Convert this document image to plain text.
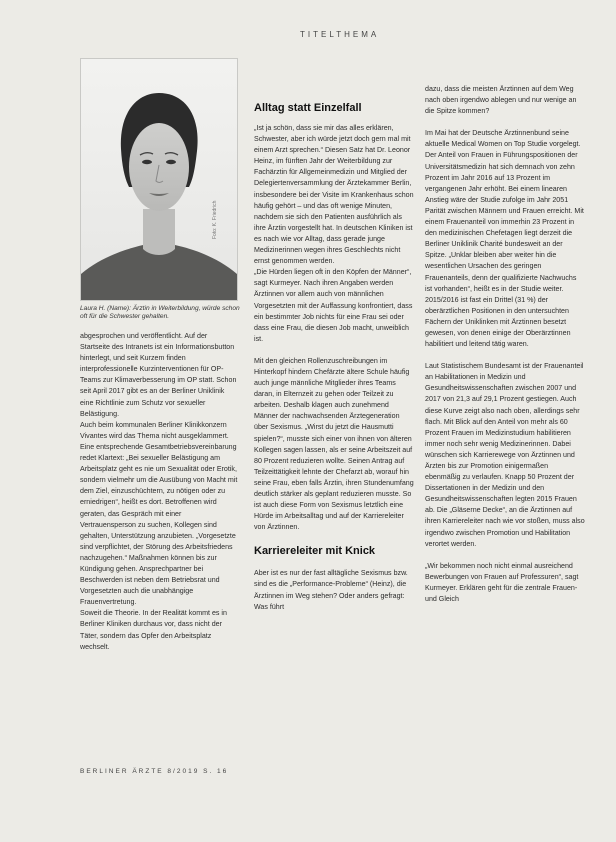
TITELTHEMA
Foto: K. Friedrich
Laura H. (Name): Ärztin in Weiterbildung, würde schon oft für die Schwester gehalten.

abgesprochen und veröffentlicht. Auf der Startseite des Intranets ist ein Informationsbutton hinterlegt, und seit Kurzem finden interprofessionelle Kurzinterventionen für OP-Teams zur Klimaverbesserung im OP statt. Schon seit April 2017 gibt es an der Berliner Uniklinik eine Richtlinie zum Schutz vor sexueller Belästigung.

Auch beim kommunalen Berliner Klinikkonzern Vivantes wird das Thema nicht ausgeklammert. Eine entsprechende Gesamtbetriebsvereinbarung redet Klartext: „Bei sexueller Belästigung am Arbeitsplatz geht es nie um Sexualität oder Erotik, sondern vielmehr um die Ausübung von Macht mit dem Ziel, einzuschüchtern, zu nötigen oder zu erniedrigen“, heißt es dort. Betroffenen wird geraten, das Gespräch mit einer Vertrauensperson zu suchen, Kollegen sind gehalten, Unterstützung anzubieten. „Vorgesetzte sind verpflichtet, der Störung des Arbeitsfriedens nachzugehen.“ Maßnahmen können bis zur Kündigung gehen. Ansprechpartner bei Beschwerden ist neben dem Betriebsrat und Vorgesetzten auch die unabhängige Frauenvertretung.

Soweit die Theorie. In der Realität kommt es in Berliner Kliniken durchaus vor, dass nicht der Täter, sondern das Opfer den Arbeitsplatz wechselt.

Alltag statt Einzelfall

„Ist ja schön, dass sie mir das alles erklären, Schwester, aber ich würde jetzt doch gern mal mit einem Arzt sprechen.“ Diesen Satz hat Dr. Leonor Heinz, im fünften Jahr der Weiterbildung zur Fachärztin für Allgemeinmedizin und Mitglied der Delegiertenversammlung der Ärztekammer Berlin, insbesondere bei der Visite im Krankenhaus schon häufig gehört – und das oft wenige Minuten, nachdem sie sich den Patienten ausführlich als ihre Ärztin vorgestellt hat. In deutschen Kliniken ist es nach wie vor Alltag, dass gerade junge Medizinerinnen wegen ihres Geschlechts nicht ernst genommen werden.

„Die Hürden liegen oft in den Köpfen der Männer“, sagt Kurmeyer. Nach ihren Angaben werden Ärztinnen vor allem auch von männlichen Vorgesetzten mit der Auffassung konfrontiert, dass ein bestimmter Job nichts für eine Frau sei oder dass eine Frau, die diesen Job macht, unweiblich ist.

Mit den gleichen Rollenzuschreibungen im Hinterkopf hindern Chefärzte ältere Schule häufig auch junge männliche Mitglieder ihres Teams daran, in Elternzeit zu gehen oder Teilzeit zu arbeiten. Deshalb klagen auch zunehmend Männer der nachwachsenden Ärztegeneration über Sexismus. „Wirst du jetzt die Hausmutti spielen?“, musste sich einer von ihnen von älteren Kollegen sagen lassen, als er seine Arbeitszeit auf 80 Prozent reduzieren wollte. Seinen Antrag auf Teilzeittätigkeit lehnte der Chefarzt ab, worauf hin seine Frau, eben falls Ärztin, ihren Stundenumfang deutlich stärker als geplant reduzieren musste. So ist auch diese Form von Sexismus letztlich eine Hürde im Arbeitsalltag und auf der Karriereleiter von Ärztinnen.

Karriereleiter mit Knick

Aber ist es nur der fast alltägliche Sexismus bzw. sind es die „Performance-Probleme“ (Heinz), die Ärztinnen im Weg stehen? Oder anders gefragt: Was führt

dazu, dass die meisten Ärztinnen auf dem Weg nach oben irgendwo ablegen und nur wenige an die Spitze kommen?

Im Mai hat der Deutsche Ärztinnenbund seine aktuelle Medical Women on Top Studie vorgelegt. Der Anteil von Frauen in Führungspositionen der Universitätsmedizin hat sich demnach von zehn Prozent im Jahr 2016 auf 13 Prozent im vergangenen Jahr erhöht. Bei einem linearen Anstieg wäre der Studie zufolge im Jahr 2051 Parität zwischen Männern und Frauen erreicht. Mit einem Frauenanteil von immerhin 23 Prozent in den medizinischen Chefetagen liegt derzeit die Berliner Uniklinik Charité bundesweit an der Spitze. „Unklar bleiben aber weiter hin die wesentlichen Ursachen des geringen Frauenanteils, denn der qualifizierte Nachwuchs ist vorhanden“, heißt es in der Studie weiter. 2015/2016 ist fast ein Drittel (31 %) der oberärztlichen Positionen in den untersuchten Fächern der Uniklinken mit Ärztinnen besetzt gewesen, von denen einige der Oberärztinnen habilitiert und leitend tätig waren.

Laut Statistischem Bundesamt ist der Frauenanteil an Habilitationen in Medizin und Gesundheitswissenschaften zwischen 2007 und 2017 von 21,3 auf 29,1 Prozent gestiegen. Auch diese Kurve zeigt also nach oben, allerdings sehr flach. Mit Blick auf den Anteil von mehr als 60 Prozent Frauen im Medizinstudium habilitieren immer noch sehr wenig Medizinerinnen. Dabei wünschen sich Karrierewege von Ärztinnen und Ärzten bis zur Promotion einigermaßen ebenmäßig zu verlaufen. Knapp 50 Prozent der Dissertationen in der Medizin und den Gesundheitswissenschaften legten 2015 Frauen ab. Die „Gläserne Decke“, an die Ärztinnen auf ihren Karriereleiter nach wie vor stoßen, muss also irgendwo zwischen Promotion und Habilitation verortet werden.

„Wir bekommen noch nicht einmal ausreichend Bewerbungen von Frauen auf Professuren“, sagt Kurmeyer. Erklären geht für die zentrale Frauen- und Gleich

BERLINER ÄRZTE 8/2019 S. 16
